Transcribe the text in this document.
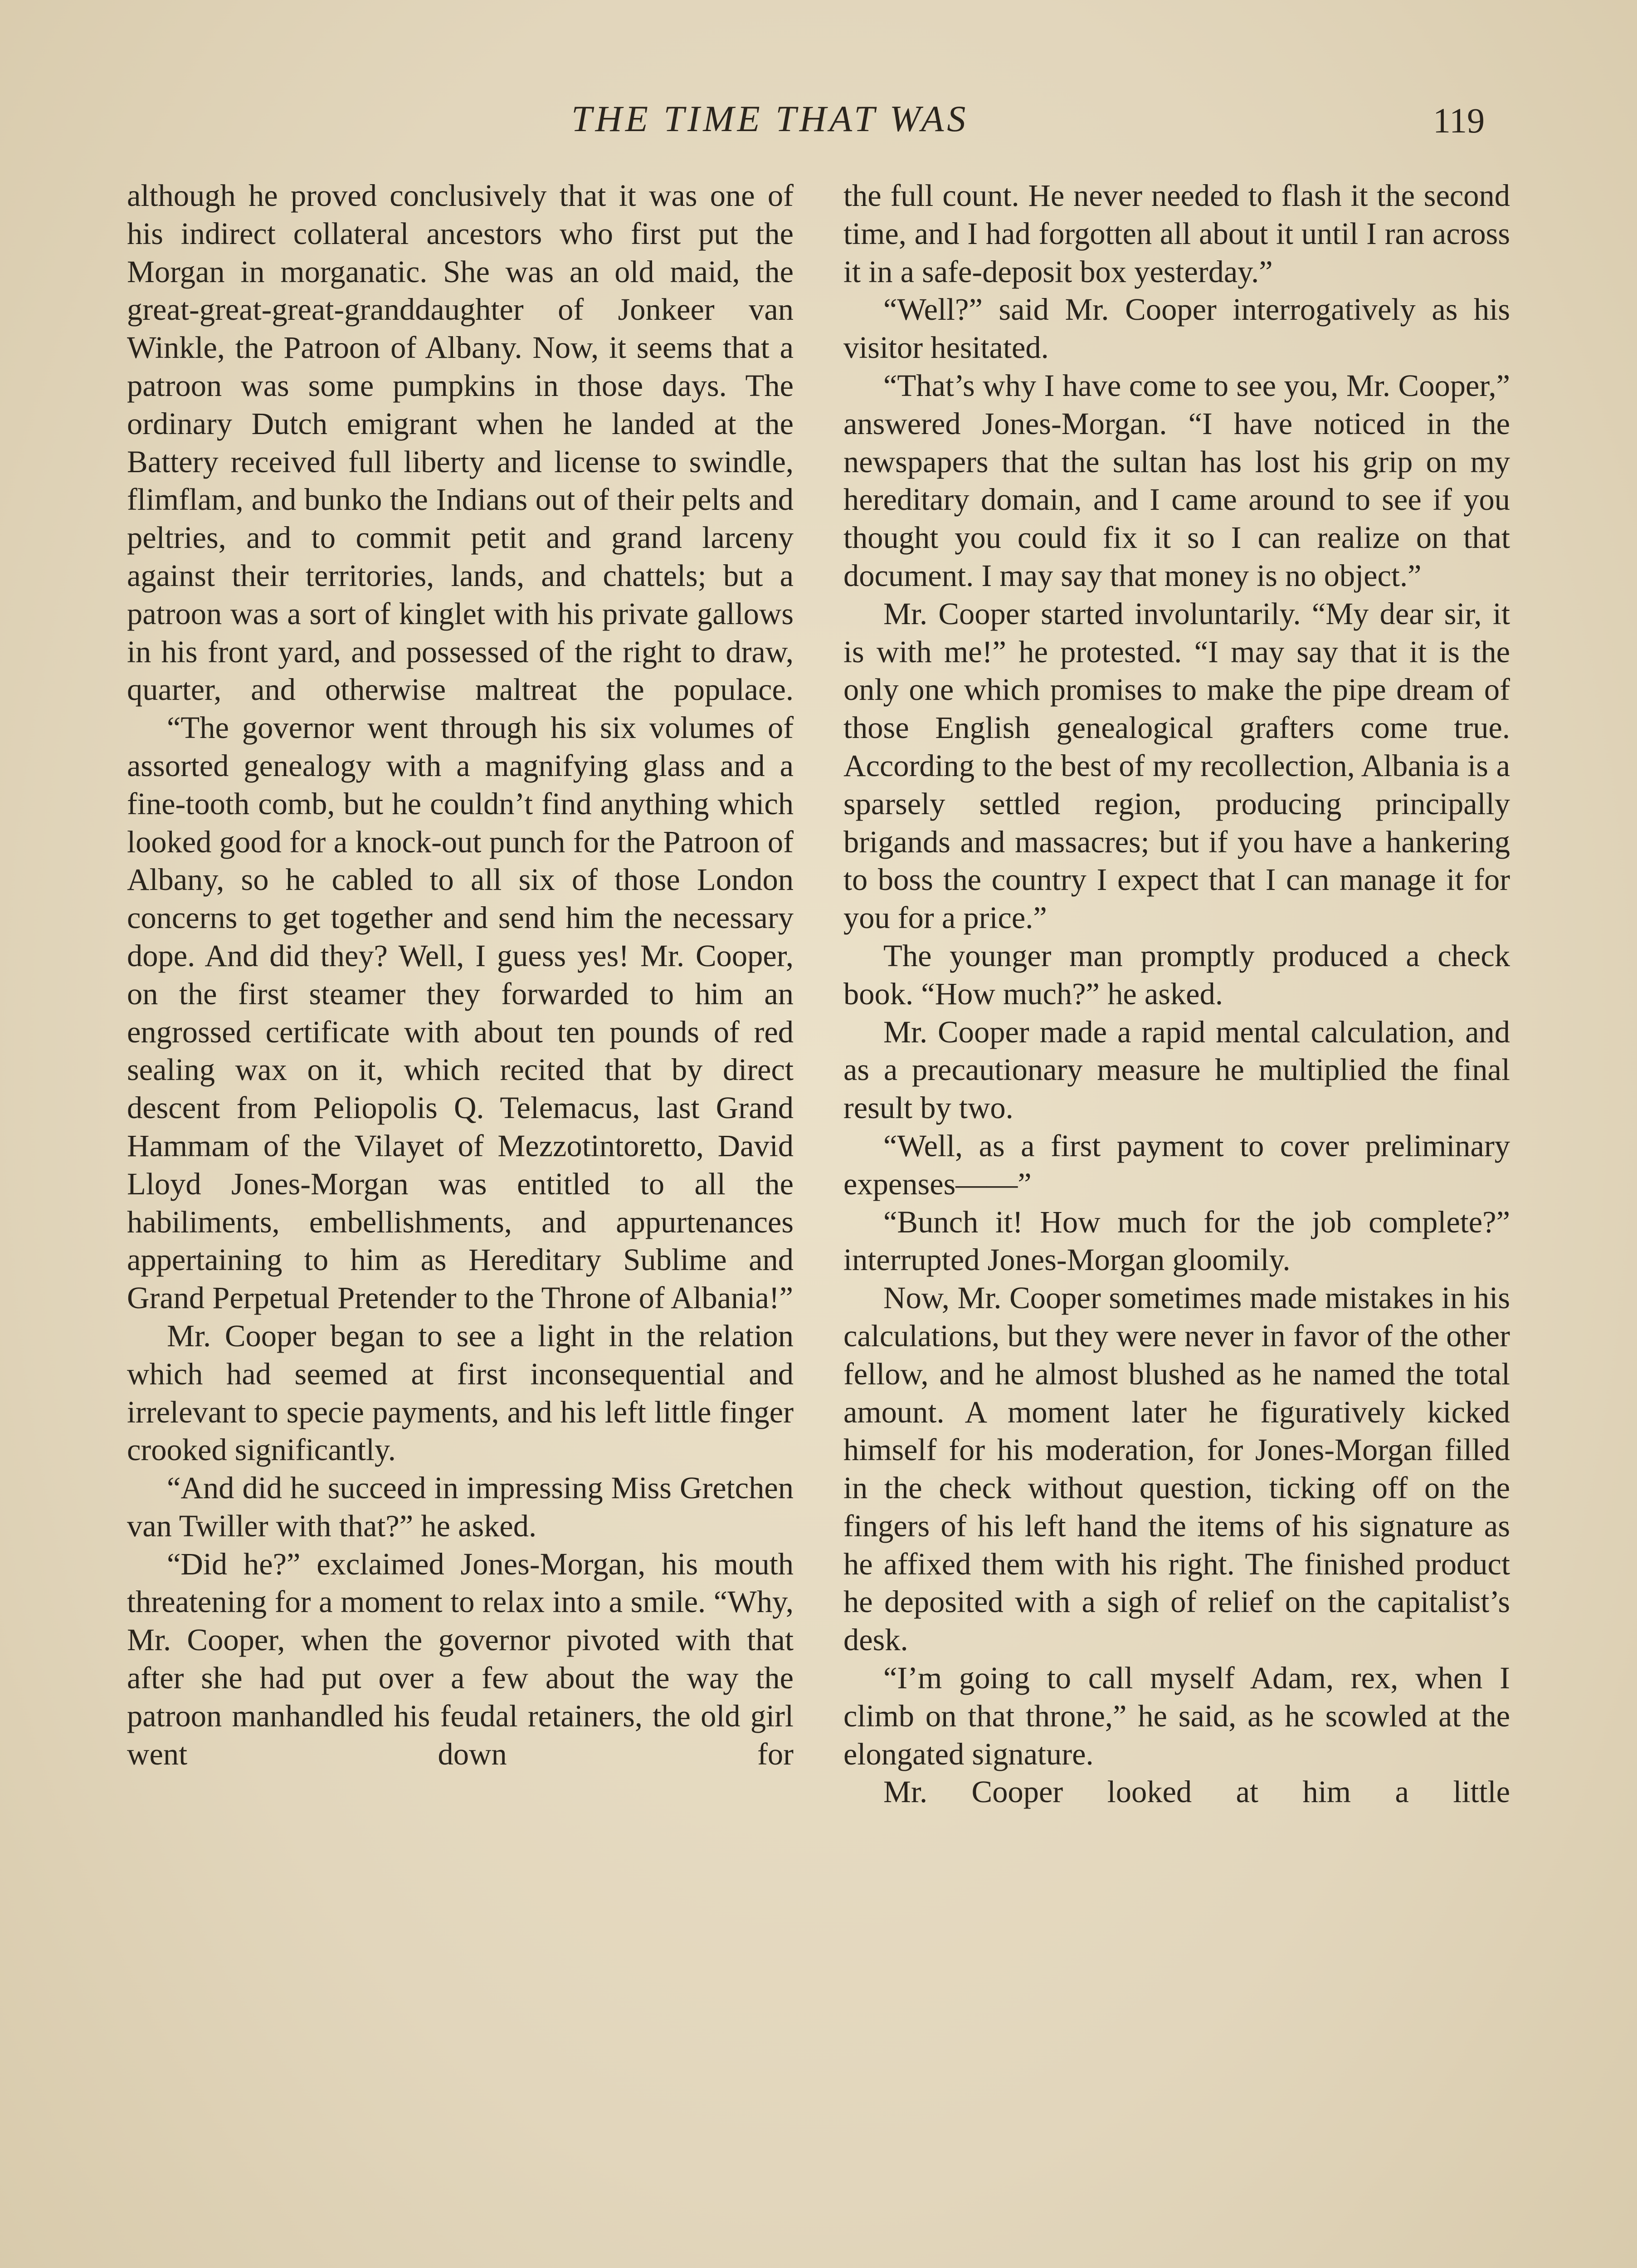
THE TIME THAT WAS	119

although he proved conclusively that it was one of his indirect collateral ancestors who first put the Morgan in morganatic. She was an old maid, the great-great-great-granddaughter of Jonkeer van Winkle, the Patroon of Albany. Now, it seems that a patroon was some pumpkins in those days. The ordinary Dutch emigrant when he landed at the Battery received full liberty and license to swindle, flimflam, and bunko the Indians out of their pelts and peltries, and to commit petit and grand larceny against their territories, lands, and chattels; but a patroon was a sort of kinglet with his private gallows in his front yard, and possessed of the right to draw, quarter, and otherwise maltreat the populace.

“The governor went through his six volumes of assorted genealogy with a magnifying glass and a fine-tooth comb, but he couldn’t find anything which looked good for a knock-out punch for the Patroon of Albany, so he cabled to all six of those London concerns to get together and send him the necessary dope. And did they? Well, I guess yes! Mr. Cooper, on the first steamer they forwarded to him an engrossed certificate with about ten pounds of red sealing wax on it, which recited that by direct descent from Peliopolis Q. Telemacus, last Grand Hammam of the Vilayet of Mezzotintoretto, David Lloyd Jones-Morgan was entitled to all the habiliments, embellishments, and appurtenances appertaining to him as Hereditary Sublime and Grand Perpetual Pretender to the Throne of Albania!”

Mr. Cooper began to see a light in the relation which had seemed at first inconsequential and irrelevant to specie payments, and his left little finger crooked significantly.

“And did he succeed in impressing Miss Gretchen van Twiller with that?” he asked.

“Did he?” exclaimed Jones-Morgan, his mouth threatening for a moment to relax into a smile. “Why, Mr. Cooper, when the governor pivoted with that after she had put over a few about the way the patroon manhandled his feudal retainers, the old girl went down for

the full count. He never needed to flash it the second time, and I had forgotten all about it until I ran across it in a safe-deposit box yesterday.”

“Well?” said Mr. Cooper interrogatively as his visitor hesitated.

“That’s why I have come to see you, Mr. Cooper,” answered Jones-Morgan. “I have noticed in the newspapers that the sultan has lost his grip on my hereditary domain, and I came around to see if you thought you could fix it so I can realize on that document. I may say that money is no object.”

Mr. Cooper started involuntarily. “My dear sir, it is with me!” he protested. “I may say that it is the only one which promises to make the pipe dream of those English genealogical grafters come true. According to the best of my recollection, Albania is a sparsely settled region, producing principally brigands and massacres; but if you have a hankering to boss the country I expect that I can manage it for you for a price.”

The younger man promptly produced a check book. “How much?” he asked.

Mr. Cooper made a rapid mental calculation, and as a precautionary measure he multiplied the final result by two.

“Well, as a first payment to cover preliminary expenses——”

“Bunch it! How much for the job complete?” interrupted Jones-Morgan gloomily.

Now, Mr. Cooper sometimes made mistakes in his calculations, but they were never in favor of the other fellow, and he almost blushed as he named the total amount. A moment later he figuratively kicked himself for his moderation, for Jones-Morgan filled in the check without question, ticking off on the fingers of his left hand the items of his signature as he affixed them with his right. The finished product he deposited with a sigh of relief on the capitalist’s desk.

“I’m going to call myself Adam, rex, when I climb on that throne,” he said, as he scowled at the elongated signature.

Mr. Cooper looked at him a little
